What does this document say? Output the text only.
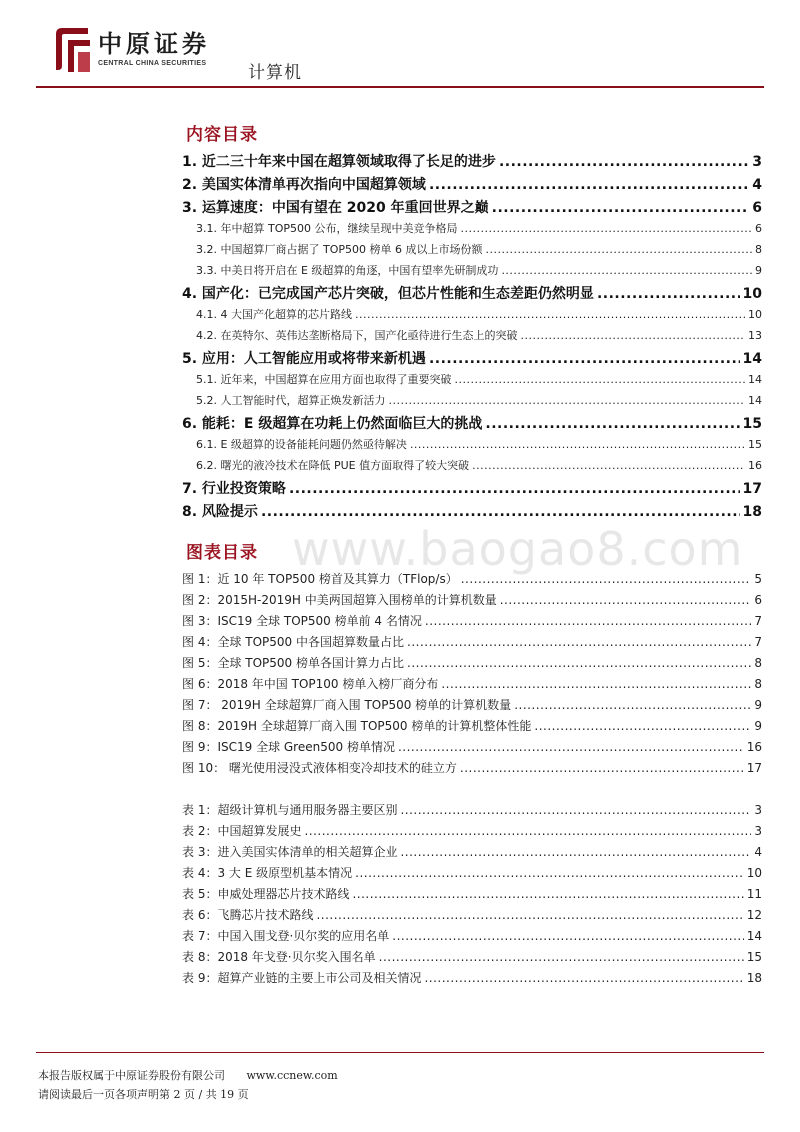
中原证券
CENTRAL CHINA SECURITIES 计算机
内容目录
1. 近二三十年来中国在超算领域取得了长足的进步 .....	3
2. 美国实体清单再次指向中国超算领域 .....	4
3. 运算速度：中国有望在 2020 年重回世界之巅 .....	6
3.1. 年中超算 TOP500 公布，继续呈现中美竞争格局 .....	6
3.2. 中国超算厂商占据了 TOP500 榜单 6 成以上市场份额 .....	8
3.3. 中美日将开启在 E 级超算的角逐，中国有望率先研制成功 .....	9
4. 国产化：已完成国产芯片突破，但芯片性能和生态差距仍然明显 .....	10
4.1. 4 大国产化超算的芯片路线 .....	10
4.2. 在英特尔、英伟达垄断格局下，国产化亟待进行生态上的突破 .....	13
5. 应用：人工智能应用或将带来新机遇 .....	14
5.1. 近年来，中国超算在应用方面也取得了重要突破 .....	14
5.2. 人工智能时代，超算正焕发新活力 .....	14
6. 能耗：E 级超算在功耗上仍然面临巨大的挑战 .....	15
6.1. E 级超算的设备能耗问题仍然亟待解决 .....	15
6.2. 曙光的液冷技术在降低 PUE 值方面取得了较大突破 .....	16
7. 行业投资策略 .....	17
8. 风险提示 .....	18
图表目录
图 1：近 10 年 TOP500 榜首及其算力（TFlop/s） .....	5
图 2：2015H-2019H 中美两国超算入围榜单的计算机数量 .....	6
图 3：ISC19 全球 TOP500 榜单前 4 名情况 .....	7
图 4：全球 TOP500 中各国超算数量占比 .....	7
图 5：全球 TOP500 榜单各国计算力占比 .....	8
图 6：2018 年中国 TOP100 榜单入榜厂商分布 .....	8
图 7： 2019H 全球超算厂商入围 TOP500 榜单的计算机数量 .....	9
图 8：2019H 全球超算厂商入围 TOP500 榜单的计算机整体性能 .....	9
图 9：ISC19 全球 Green500 榜单情况 .....	16
图 10： 曙光使用浸没式液体相变冷却技术的硅立方 .....	17
表 1：超级计算机与通用服务器主要区别 .....	3
表 2：中国超算发展史 .....	3
表 3：进入美国实体清单的相关超算企业 .....	4
表 4：3 大 E 级原型机基本情况 .....	10
表 5：申威处理器芯片技术路线 .....	11
表 6：飞腾芯片技术路线 .....	12
表 7：中国入围戈登·贝尔奖的应用名单 .....	14
表 8：2018 年戈登·贝尔奖入围名单 .....	15
表 9：超算产业链的主要上市公司及相关情况 .....	18
www.baogao8.com
本报告版权属于中原证券股份有限公司 www.ccnew.com
请阅读最后一页各项声明第 2 页 / 共 19 页
